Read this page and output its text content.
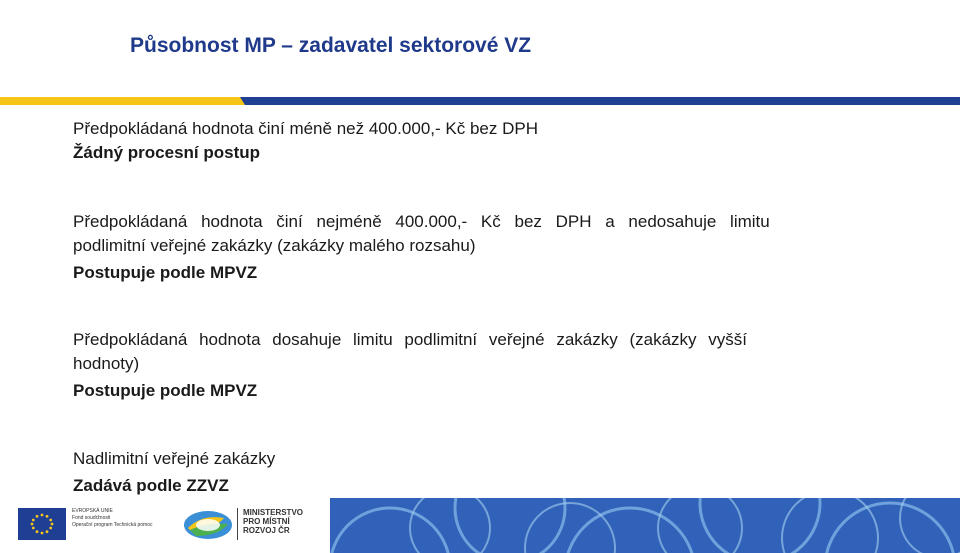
Působnost MP – zadavatel sektorové VZ
Předpokládaná hodnota činí méně než 400.000,- Kč bez DPH
Žádný procesní postup
Předpokládaná hodnota činí nejméně 400.000,- Kč bez DPH a nedosahuje limitu
podlimitní veřejné zakázky (zakázky malého rozsahu)
Postupuje podle MPVZ
Předpokládaná hodnota dosahuje limitu podlimitní veřejné zakázky (zakázky vyšší
hodnoty)
Postupuje podle MPVZ
Nadlimitní veřejné zakázky
Zadává podle ZZVZ
EVROPSKÁ UNIE
Fond soudržnosti
Operační program Technická pomoc
MINISTERSTVO
PRO MÍSTNÍ
ROZVOJ ČR
